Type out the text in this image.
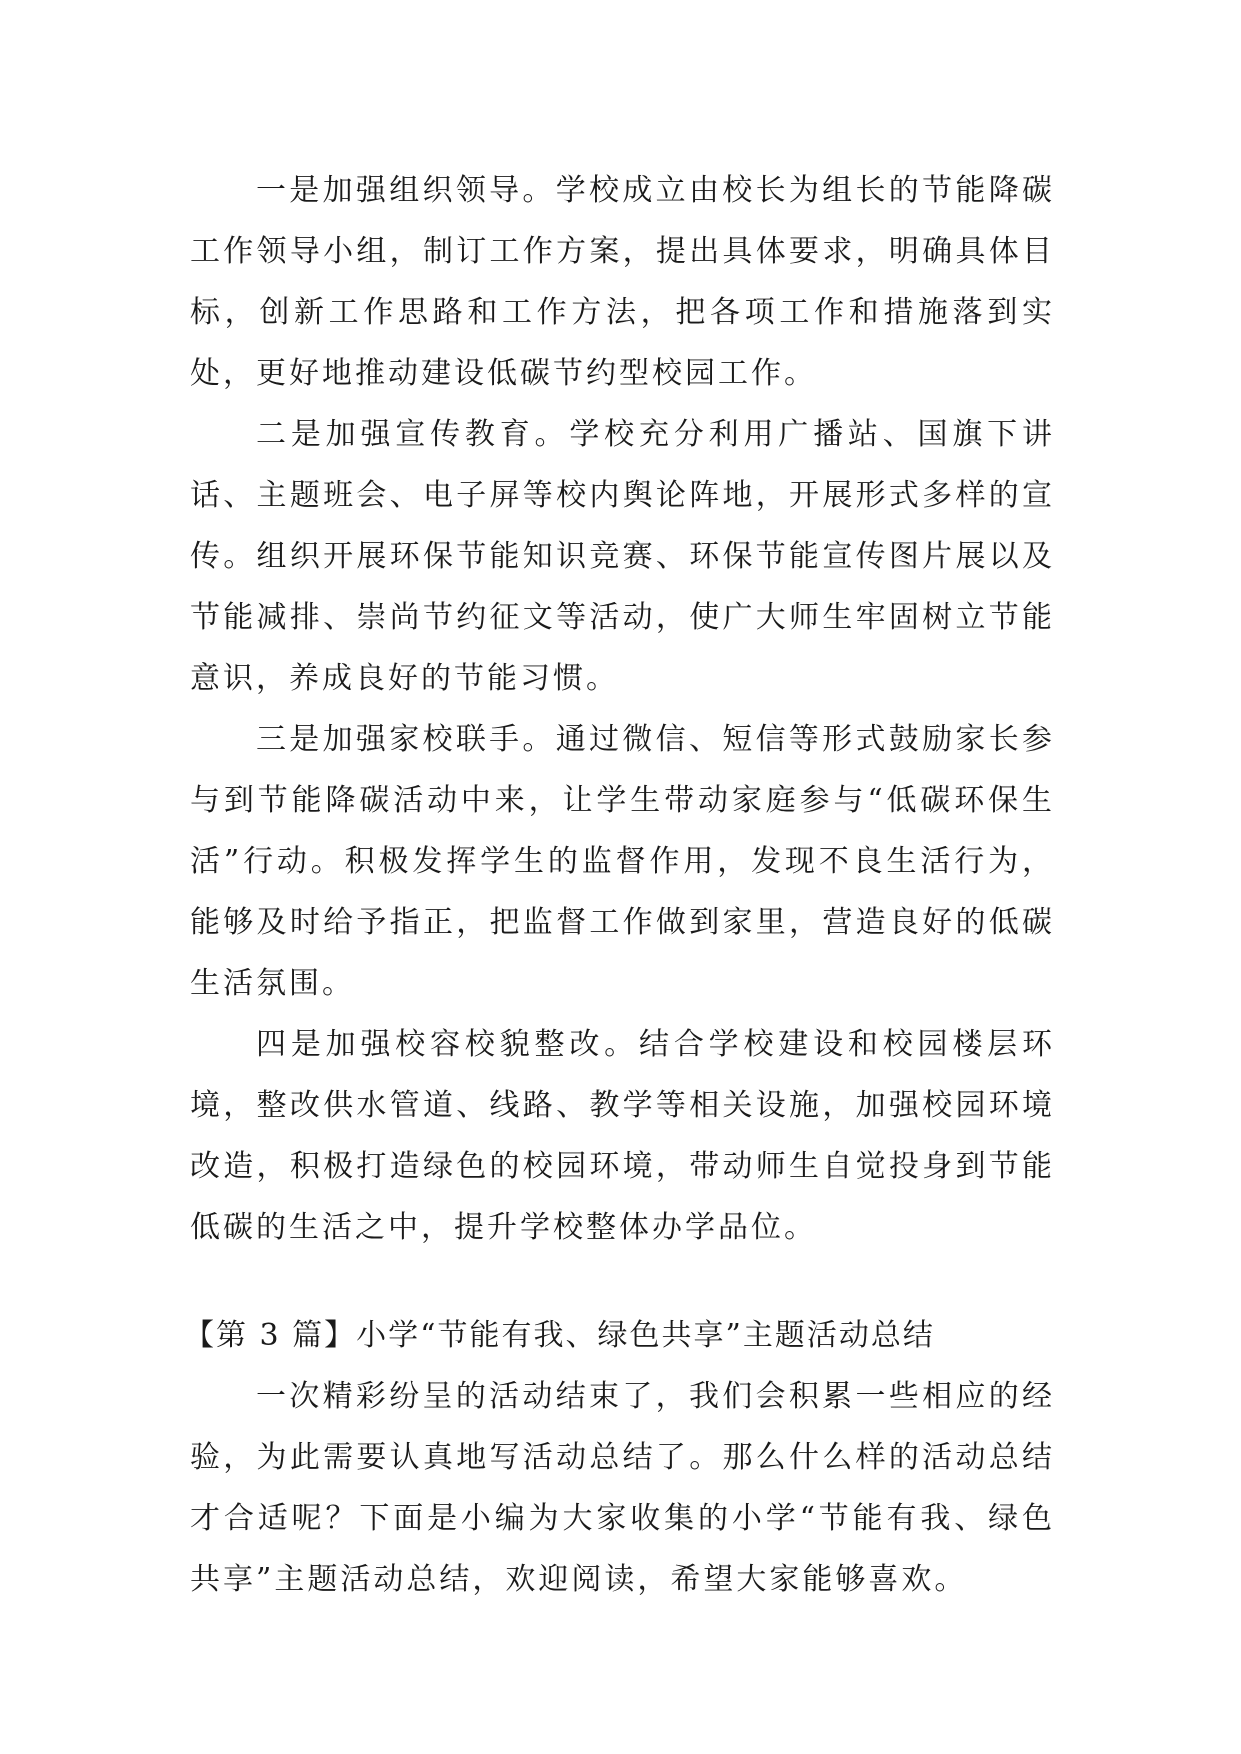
一是加强组织领导。学校成立由校长为组长的节能降碳工作领导小组，制订工作方案，提出具体要求，明确具体目标，创新工作思路和工作方法，把各项工作和措施落到实处，更好地推动建设低碳节约型校园工作。

二是加强宣传教育。学校充分利用广播站、国旗下讲话、主题班会、电子屏等校内舆论阵地，开展形式多样的宣传。组织开展环保节能知识竞赛、环保节能宣传图片展以及节能减排、崇尚节约征文等活动，使广大师生牢固树立节能意识，养成良好的节能习惯。

三是加强家校联手。通过微信、短信等形式鼓励家长参与到节能降碳活动中来，让学生带动家庭参与“低碳环保生活”行动。积极发挥学生的监督作用，发现不良生活行为，能够及时给予指正，把监督工作做到家里，营造良好的低碳生活氛围。

四是加强校容校貌整改。结合学校建设和校园楼层环境，整改供水管道、线路、教学等相关设施，加强校园环境改造，积极打造绿色的校园环境，带动师生自觉投身到节能低碳的生活之中，提升学校整体办学品位。

【第 3 篇】小学“节能有我、绿色共享”主题活动总结

一次精彩纷呈的活动结束了，我们会积累一些相应的经验，为此需要认真地写活动总结了。那么什么样的活动总结才合适呢？下面是小编为大家收集的小学“节能有我、绿色共享”主题活动总结，欢迎阅读，希望大家能够喜欢。
